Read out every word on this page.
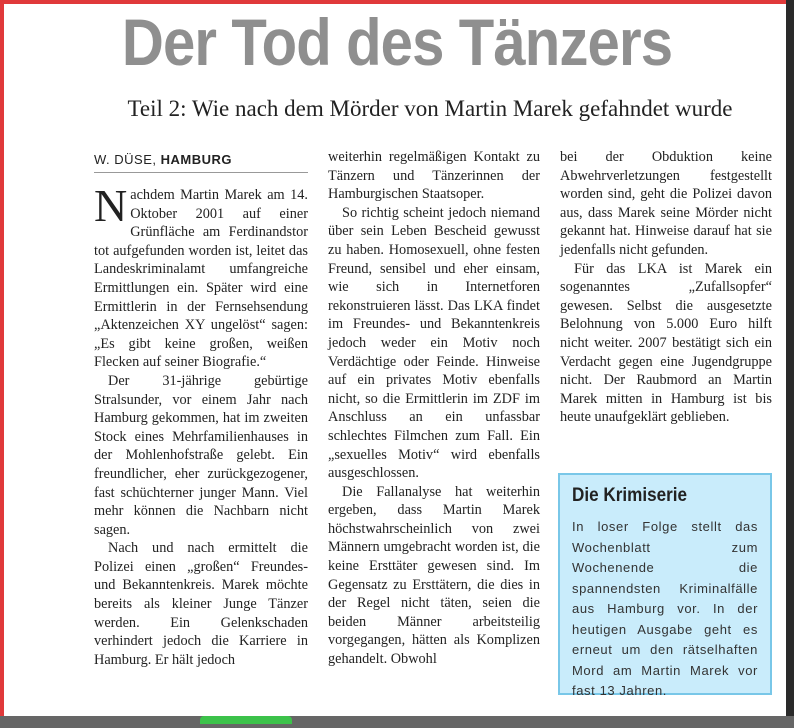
Der Tod des Tänzers
Teil 2: Wie nach dem Mörder von Martin Marek gefahndet wurde
W. DÜSE, HAMBURG

Nachdem Martin Marek am 14. Oktober 2001 auf einer Grünfläche am Ferdinandstor tot aufgefunden worden ist, leitet das Landeskriminalamt umfangreiche Ermittlungen ein. Später wird eine Ermittlerin in der Fernsehsendung „Aktenzeichen XY ungelöst“ sagen: „Es gibt keine großen, weißen Flecken auf seiner Biografie.“

Der 31-jährige gebürtige Stralsunder, vor einem Jahr nach Hamburg gekommen, hat im zweiten Stock eines Mehrfamilienhauses in der Mohlenhofstraße gelebt. Ein freundlicher, eher zurückgezogener, fast schüchterner junger Mann. Viel mehr können die Nachbarn nicht sagen.

Nach und nach ermittelt die Polizei einen „großen“ Freundes- und Bekanntenkreis. Marek möchte bereits als kleiner Junge Tänzer werden. Ein Gelenkschaden verhindert jedoch die Karriere in Hamburg. Er hält jedoch

weiterhin regelmäßigen Kontakt zu Tänzern und Tänzerinnen der Hamburgischen Staatsoper.

So richtig scheint jedoch niemand über sein Leben Bescheid gewusst zu haben. Homosexuell, ohne festen Freund, sensibel und eher einsam, wie sich in Internetforen rekonstruieren lässt. Das LKA findet im Freundes- und Bekanntenkreis jedoch weder ein Motiv noch Verdächtige oder Feinde. Hinweise auf ein privates Motiv ebenfalls nicht, so die Ermittlerin im ZDF im Anschluss an ein unfassbar schlechtes Filmchen zum Fall. Ein „sexuelles Motiv“ wird ebenfalls ausgeschlossen.

Die Fallanalyse hat weiterhin ergeben, dass Martin Marek höchstwahrscheinlich von zwei Männern umgebracht worden ist, die keine Ersttäter gewesen sind. Im Gegensatz zu Ersttätern, die dies in der Regel nicht täten, seien die beiden Männer arbeitsteilig vorgegangen, hätten als Komplizen gehandelt. Obwohl

bei der Obduktion keine Abwehrverletzungen festgestellt worden sind, geht die Polizei davon aus, dass Marek seine Mörder nicht gekannt hat. Hinweise darauf hat sie jedenfalls nicht gefunden.

Für das LKA ist Marek ein sogenanntes „Zufallsopfer“ gewesen. Selbst die ausgesetzte Belohnung von 5.000 Euro hilft nicht weiter. 2007 bestätigt sich ein Verdacht gegen eine Jugendgruppe nicht. Der Raubmord an Martin Marek mitten in Hamburg ist bis heute unaufgeklärt geblieben.

Die Krimiserie
In loser Folge stellt das Wochenblatt zum Wochenende die spannendsten Kriminalfälle aus Hamburg vor. In der heutigen Ausgabe geht es erneut um den rätselhaften Mord am Martin Marek vor fast 13 Jahren.
